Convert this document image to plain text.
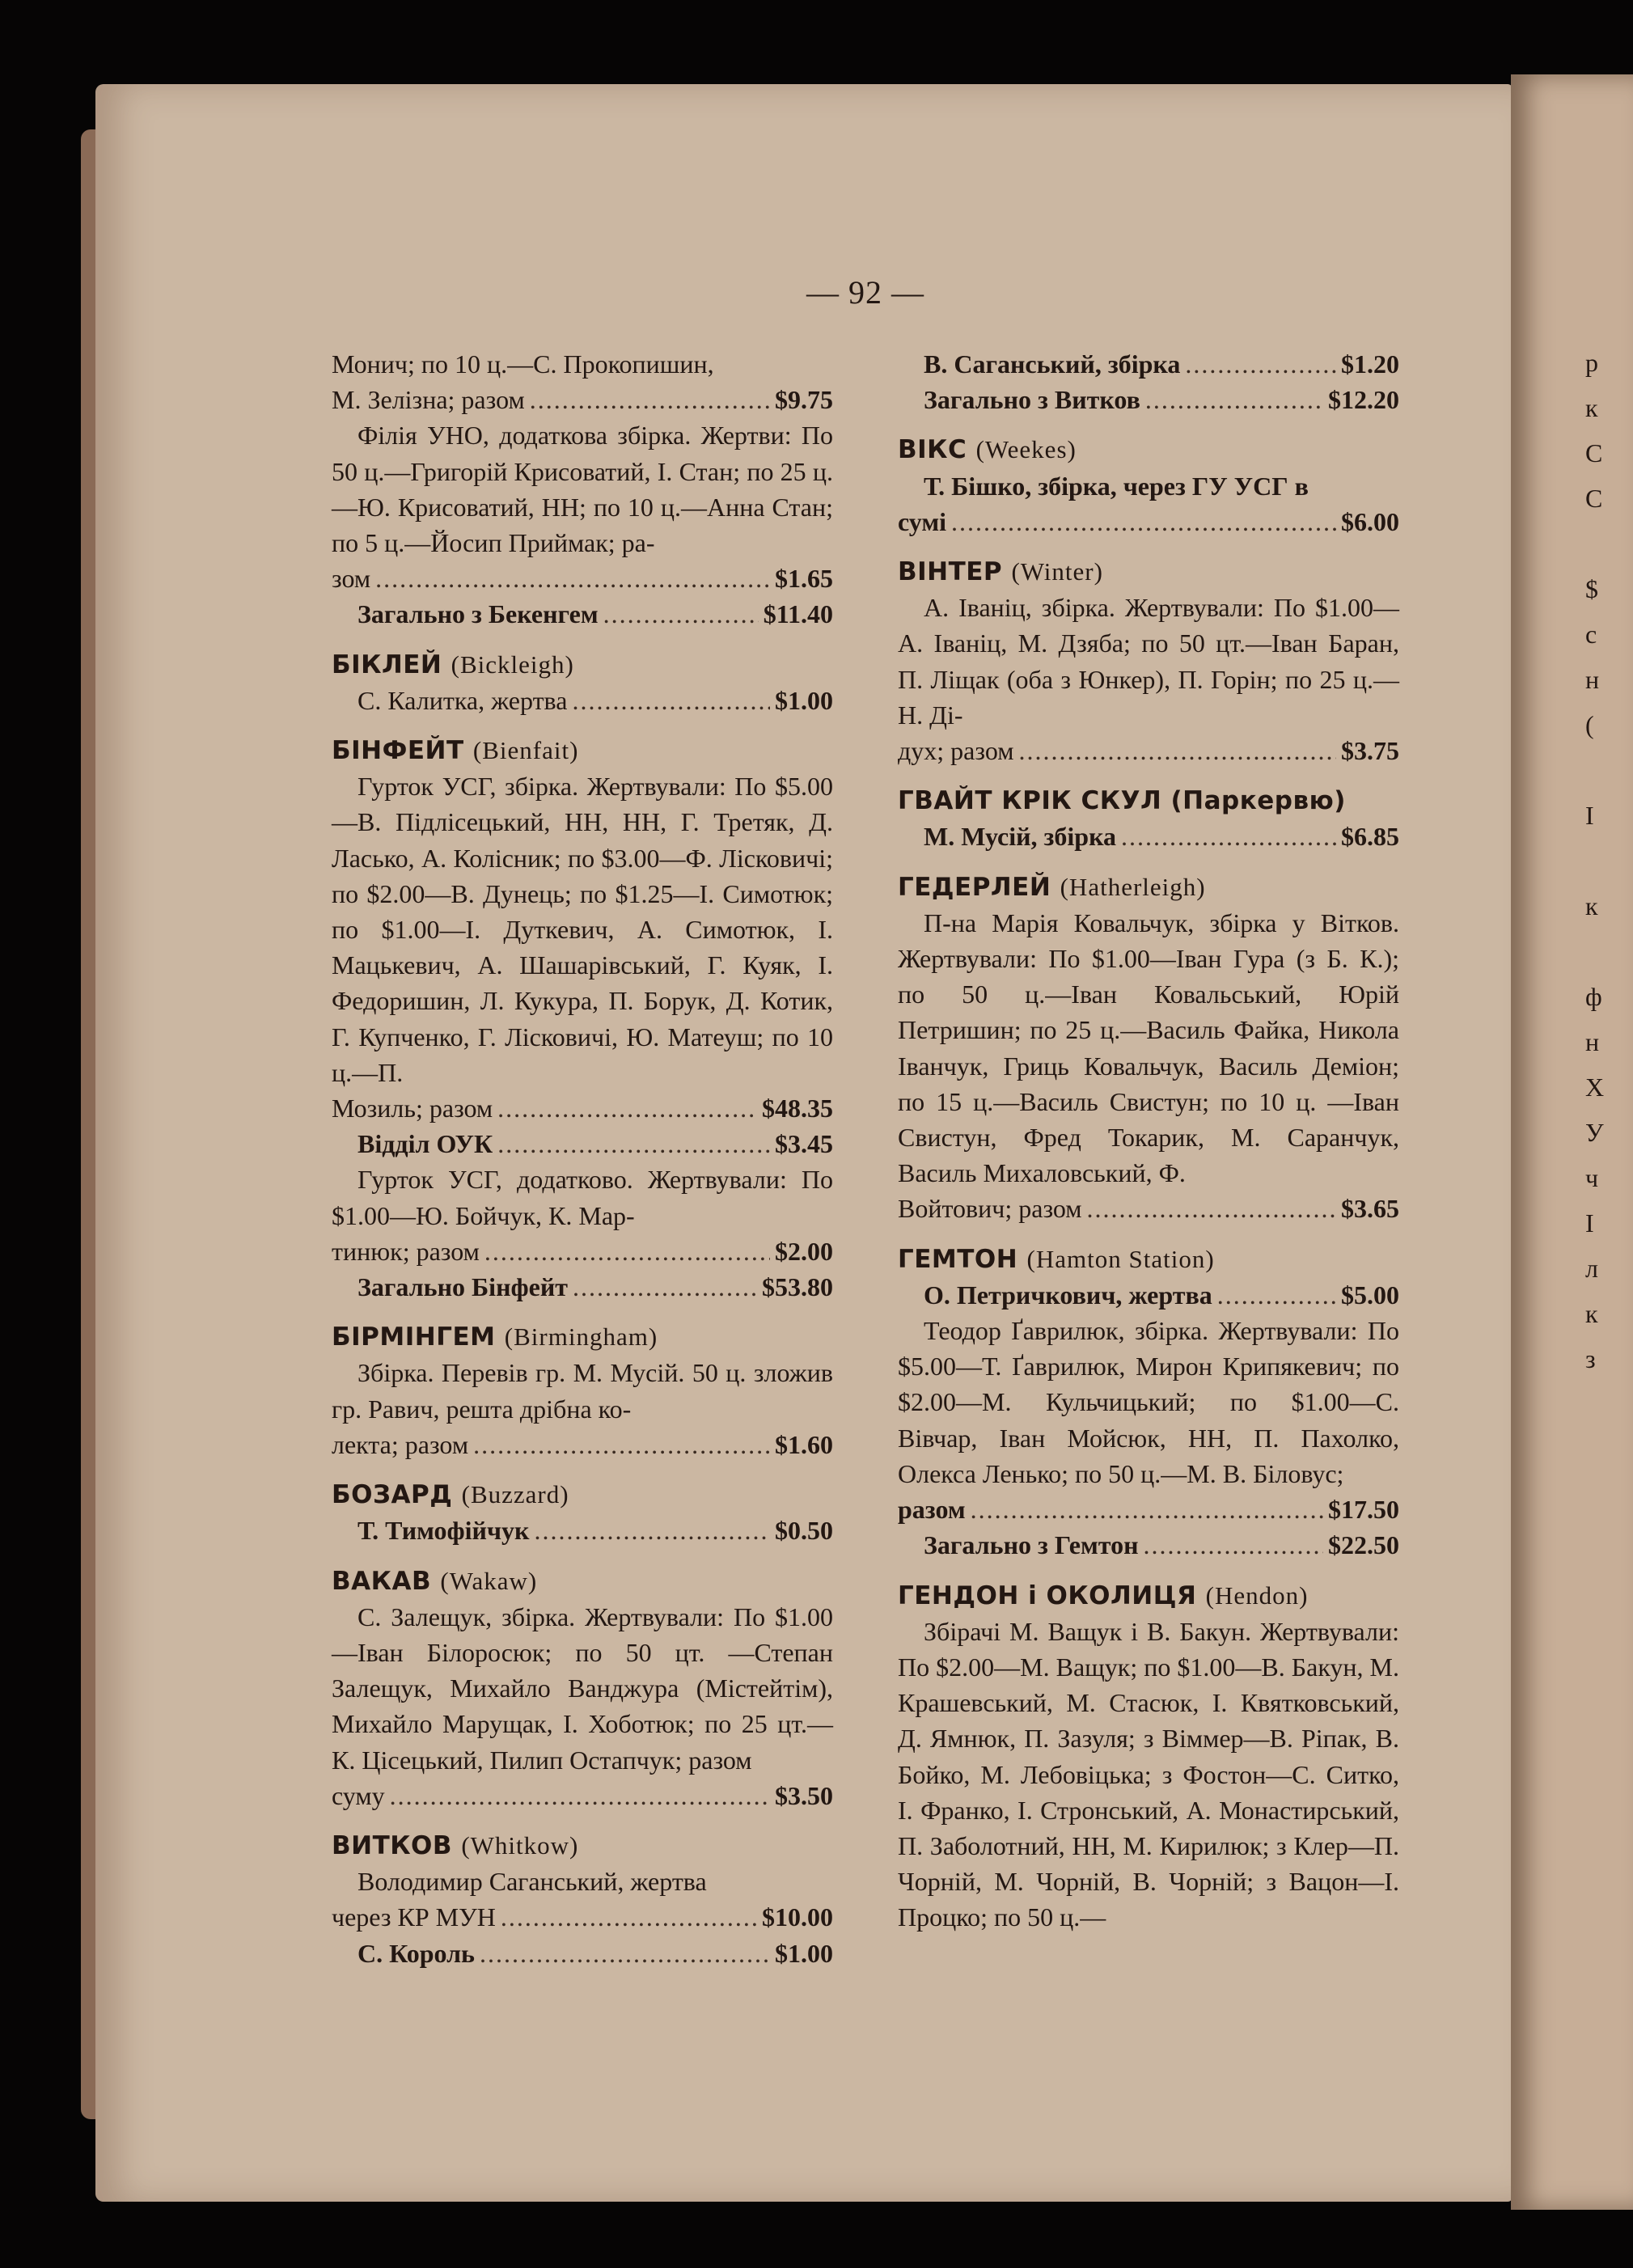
р
к
С
С
$
с
н
(
I
к
ф
н
Х
У
ч
I
л
к
з
— 92 —
Монич; по 10 ц.—С. Прокопишин,
М. Зелізна; разом .....	$9.75

Філія УНО, додаткова збірка. Жертви: По 50 ц.—Григорій Крисоватий, І. Стан; по 25 ц.—Ю. Крисоватий, НН; по 10 ц.—Анна Стан; по 5 ц.—Йосип Приймак; ра-

зом .....	$1.65
Загально з Бекенгем .....	$11.40
БІКЛЕЙ (Bickleigh)
С. Калитка, жертва .....	$1.00
БІНФЕЙТ (Bienfait)

Гурток УСГ, збірка. Жертвували: По $5.00—В. Підлісецький, НН, НН, Г. Третяк, Д. Ласько, А. Колісник; по $3.00—Ф. Лісковичі; по $2.00—В. Дунець; по $1.25—І. Симотюк; по $1.00—І. Дуткевич, А. Симотюк, І. Мацькевич, А. Шашарівський, Г. Куяк, І. Федоришин, Л. Кукура, П. Борук, Д. Котик, Г. Купченко, Г. Лісковичі, Ю. Матеуш; по 10 ц.—П.

Мозиль; разом .....	$48.35
Відділ ОУК .....	$3.45

Гурток УСГ, додатково. Жертвували: По $1.00—Ю. Бойчук, К. Мар-

тинюк; разом .....	$2.00
Загально Бінфейт .....	$53.80
БІРМІНГЕМ (Birmingham)

Збірка. Перевів гр. М. Мусій. 50 ц. зложив гр. Равич, решта дрібна ко-

лекта; разом .....	$1.60
БОЗАРД (Buzzard)
Т. Тимофійчук .....	$0.50
ВАКАВ (Wakaw)

С. Залещук, збірка. Жертвували: По $1.00—Іван Білоросюк; по 50 цт. —Степан Залещук, Михайло Ванджура (Містейтім), Михайло Марущак, І. Хоботюк; по 25 цт.—К. Цісецький, Пилип Остапчук; разом

суму .....	$3.50
ВИТКОВ (Whitkow)

Володимир Саганський, жертва

через КР МУН .....	$10.00
С. Король .....	$1.00
В. Саганський, збірка .....	$1.20
Загально з Витков .....	$12.20
ВІКС (Weekes)

Т. Бішко, збірка, через ГУ УСГ в

сумі .....	$6.00
ВІНТЕР (Winter)

А. Іваніц, збірка. Жертвували: По $1.00—А. Іваніц, М. Дзяба; по 50 цт.—Іван Баран, П. Ліщак (оба з Юнкер), П. Горін; по 25 ц.—Н. Ді-

дух; разом .....	$3.75
ГВАЙТ КРІК СКУЛ (Паркервю)
М. Мусій, збірка .....	$6.85
ГЕДЕРЛЕЙ (Hatherleigh)

П-на Марія Ковальчук, збірка у Вітков. Жертвували: По $1.00—Іван Гура (з Б. К.); по 50 ц.—Іван Ковальський, Юрій Петришин; по 25 ц.—Василь Файка, Никола Іванчук, Гриць Ковальчук, Василь Деміон; по 15 ц.—Василь Свистун; по 10 ц. —Іван Свистун, Фред Токарик, М. Саранчук, Василь Михаловський, Ф.

Войтович; разом .....	$3.65
ГЕМТОН (Hamton Station)
О. Петричкович, жертва .....	$5.00

Теодор Ґаврилюк, збірка. Жертвували: По $5.00—Т. Ґаврилюк, Мирон Крипякевич; по $2.00—М. Кульчицький; по $1.00—С. Вівчар, Іван Мойсюк, НН, П. Пахолко, Олекса Ленько; по 50 ц.—М. В. Біловус;

разом .....	$17.50
Загально з Гемтон .....	$22.50
ГЕНДОН і ОКОЛИЦЯ (Hendon)

Збірачі М. Ващук і В. Бакун. Жертвували: По $2.00—М. Ващук; по $1.00—В. Бакун, М. Крашевський, М. Стасюк, І. Квятковський, Д. Ямнюк, П. Зазуля; з Віммер—В. Ріпак, В. Бойко, М. Лебовіцька; з Фостон—С. Ситко, І. Франко, І. Стронський, А. Монастирський, П. Заболотний, НН, М. Кирилюк; з Клер—П. Чорній, М. Чорній, В. Чорній; з Вацон—І. Процко; по 50 ц.—
